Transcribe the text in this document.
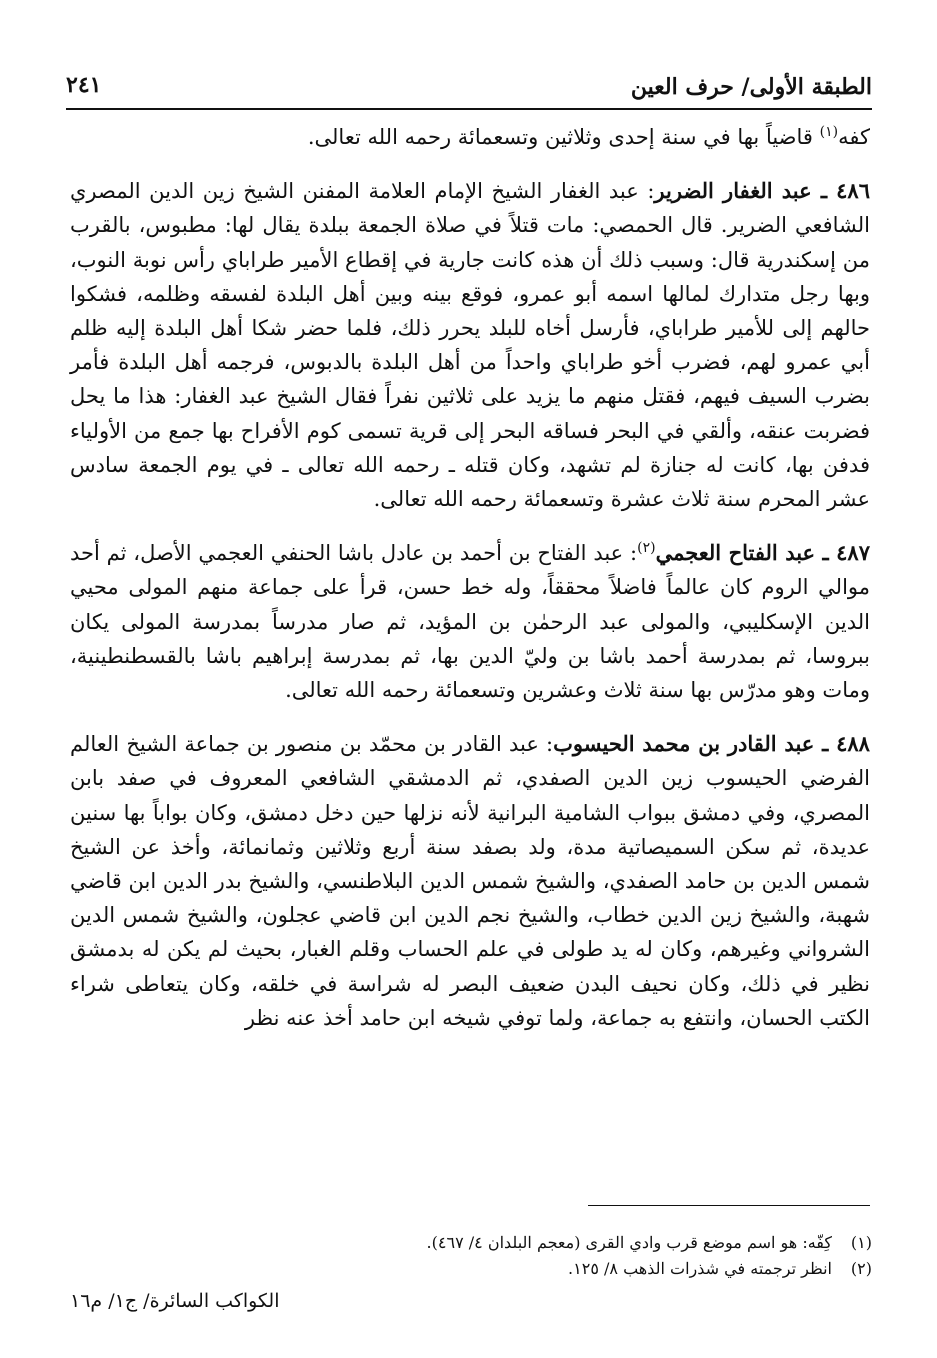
الطبقة الأولى/ حرف العين
٢٤١

كفه$^{(١)}$ قاضياً بها في سنة إحدى وثلاثين وتسعمائة رحمه الله تعالى.

٤٨٦ ـ عبد الغفار الضرير: عبد الغفار الشيخ الإمام العلامة المفنن الشيخ زين الدين المصري الشافعي الضرير. قال الحمصي: مات قتلاً في صلاة الجمعة ببلدة يقال لها: مطبوس، بالقرب من إسكندرية قال: وسبب ذلك أن هذه كانت جارية في إقطاع الأمير طراباي رأس نوبة النوب، وبها رجل متدارك لمالها اسمه أبو عمرو، فوقع بينه وبين أهل البلدة لفسقه وظلمه، فشكوا حالهم إلى للأمير طراباي، فأرسل أخاه للبلد يحرر ذلك، فلما حضر شكا أهل البلدة إليه ظلم أبي عمرو لهم، فضرب أخو طراباي واحداً من أهل البلدة بالدبوس، فرجمه أهل البلدة فأمر بضرب السيف فيهم، فقتل منهم ما يزيد على ثلاثين نفراً فقال الشيخ عبد الغفار: هذا ما يحل فضربت عنقه، وألقي في البحر فساقه البحر إلى قرية تسمى كوم الأفراح بها جمع من الأولياء فدفن بها، كانت له جنازة لم تشهد، وكان قتله ـ رحمه الله تعالى ـ في يوم الجمعة سادس عشر المحرم سنة ثلاث عشرة وتسعمائة رحمه الله تعالى.

٤٨٧ ـ عبد الفتاح العجمي$^{(٢)}$: عبد الفتاح بن أحمد بن عادل باشا الحنفي العجمي الأصل، ثم أحد موالي الروم كان عالماً فاضلاً محققاً، وله خط حسن، قرأ على جماعة منهم المولى محيي الدين الإسكليبي، والمولى عبد الرحمٰن بن المؤيد، ثم صار مدرساً بمدرسة المولى يكان ببروسا، ثم بمدرسة أحمد باشا بن وليّ الدين بها، ثم بمدرسة إبراهيم باشا بالقسطنطينية، ومات وهو مدرّس بها سنة ثلاث وعشرين وتسعمائة رحمه الله تعالى.

٤٨٨ ـ عبد القادر بن محمد الحيسوب: عبد القادر بن محمّد بن منصور بن جماعة الشيخ العالم الفرضي الحيسوب زين الدين الصفدي، ثم الدمشقي الشافعي المعروف في صفد بابن المصري، وفي دمشق ببواب الشامية البرانية لأنه نزلها حين دخل دمشق، وكان بواباً بها سنين عديدة، ثم سكن السميصاتية مدة، ولد بصفد سنة أربع وثلاثين وثمانمائة، وأخذ عن الشيخ شمس الدين بن حامد الصفدي، والشيخ شمس الدين البلاطنسي، والشيخ بدر الدين ابن قاضي شهبة، والشيخ زين الدين خطاب، والشيخ نجم الدين ابن قاضي عجلون، والشيخ شمس الدين الشرواني وغيرهم، وكان له يد طولى في علم الحساب وقلم الغبار، بحيث لم يكن له بدمشق نظير في ذلك، وكان نحيف البدن ضعيف البصر له شراسة في خلقه، وكان يتعاطى شراء الكتب الحسان، وانتفع به جماعة، ولما توفي شيخه ابن حامد أخذ عنه نظر

(١)كِفّه: هو اسم موضع قرب وادي القرى (معجم البلدان ٤/ ٤٦٧).
(٢)انظر ترجمته في شذرات الذهب ٨/ ١٢٥.
الكواكب السائرة/ ج١/ م١٦
